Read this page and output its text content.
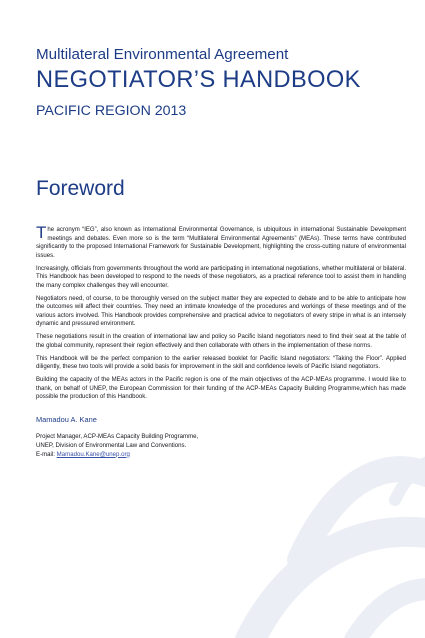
Multilateral Environmental Agreement
NEGOTIATOR’S HANDBOOK
PACIFIC REGION 2013
Foreword

The acronym “IEG”, also known as International Environmental Governance, is ubiquitous in international Sustainable Development meetings and debates. Even more so is the term “Multilateral Environmental Agreements” (MEAs). These terms have contributed significantly to the proposed International Framework for Sustainable Development, highlighting the cross-cutting nature of environmental issues.

Increasingly, officials from governments throughout the world are participating in international negotiations, whether multilateral or bilateral. This Handbook has been developed to respond to the needs of these negotiators, as a practical reference tool to assist them in handling the many complex challenges they will encounter.

Negotiators need, of course, to be thoroughly versed on the subject matter they are expected to debate and to be able to anticipate how the outcomes will affect their countries. They need an intimate knowledge of the procedures and workings of these meetings and of the various actors involved. This Handbook provides comprehensive and practical advice to negotiators of every stripe in what is an intensely dynamic and pressured environment.

These negotiations result in the creation of international law and policy so Pacific Island negotiators need to find their seat at the table of the global community, represent their region effectively and then collaborate with others in the implementation of these norms.

This Handbook will be the perfect companion to the earlier released booklet for Pacific Island negotiators: “Taking the Floor”. Applied diligently, these two tools will provide a solid basis for improvement in the skill and confidence levels of Pacific Island negotiators.

Building the capacity of the MEAs actors in the Pacific region is one of the main objectives of the ACP-MEAs programme. I would like to thank, on behalf of UNEP, the European Commission for their funding of the ACP-MEAs Capacity Building Programme,which has made possible the production of this Handbook.

Mamadou A. Kane
Project Manager, ACP-MEAs Capacity Building Programme,
UNEP, Division of Environmental Law and Conventions.
E-mail: Mamadou.Kane@unep.org
